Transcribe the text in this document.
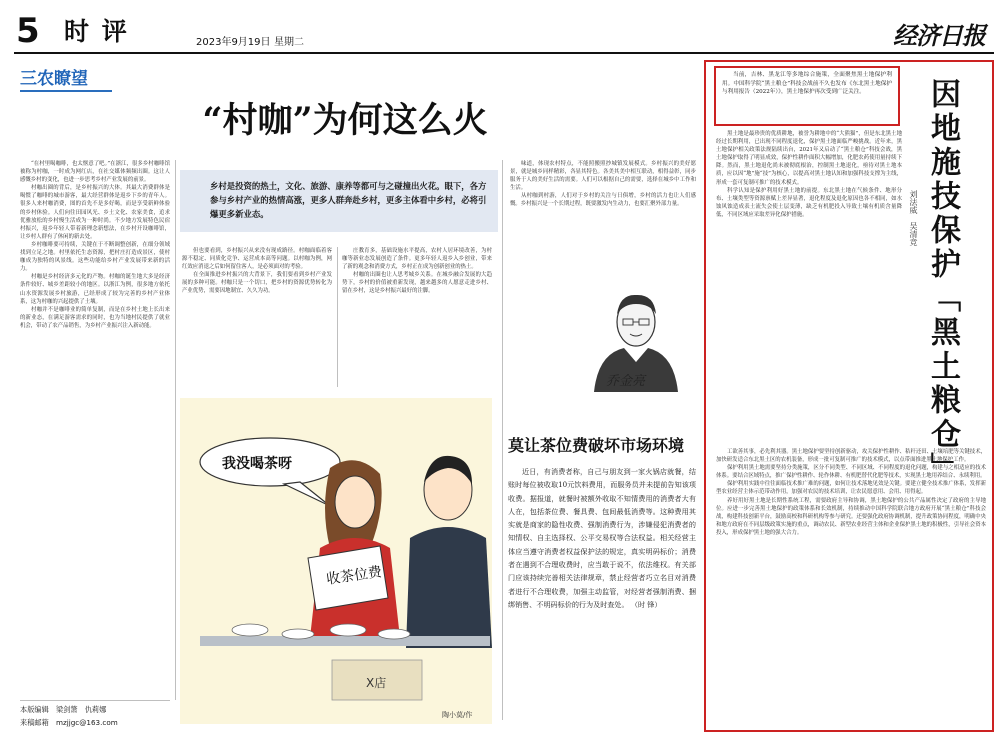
5 时 评	2023年9月19日 星期二	经济日报
三农瞭望
“村咖”为何这么火

“在村里喝咖啡，也太惬意了吧。”在浙江，很多乡村咖啡馆被称为村咖，一时成为网红店，在社交媒体频频出圈。这让人感慨乡村的变化，也进一步思考乡村产业发展的前景。

村咖出圈的背后，是乡村振兴的大体。其最大消费群体是喝惯了咖啡的城市游客，最大经营群体是返乡下乡的青年人。很多人来村咖消费，图的首先不是多好喝，而是享受新鲜体验的乡村休验。人们向往田园风光、乡土文化、农家美食，追求优雅放松的乡村慢生活成为一种时尚。不少地方发展特色民宿村振兴，返乡年轻人带着新理念新想法，在乡村开设咖啡馆，让乡村人群有了休闲的新去处。

乡村咖啡要可持续，关键在于不断调整创新，在细分领域找到立足之地。村里依托生态资源，把村庄打造成景区，使村咖成为独特的风景线。这些功能给乡村产业发展带来新的活力。

村咖是乡村经济多元化的产物。村咖的诞生地大多是经济条件较好、城乡差距较小的地区。以浙江为例，很多地方依托山水资源发展乡村旅游，已经形成了较为完善的乡村产业体系，这为村咖的兴起提供了土壤。

村咖并不是咖啡业的简单复制，而是在乡村土地上长出来的新业态，在满足游客需求的同时，也为当地村民提供了就业机会，带动了农产品销售，为乡村产业振兴注入新动能。

本版编辑　梁剑箫　仇莉娜
来稿邮箱　mzjjgc@163.com
乡村是投资的热土，文化、旅游、康养等都可与之碰撞出火花。眼下，各方参与乡村产业的热情高涨，更多人群奔赴乡村，更多主体看中乡村，必将引爆更多新业态。

但也要看到，乡村振兴从来没有现成路径。村咖面临着客源不稳定、同质化竞争、运营成本高等问题。以村咖为例，网红效应消退之后如何留住客人，是必须面对的考验。

在全面推进乡村振兴的大背景下，我们要看到乡村产业发展的多种可能。村咖只是一个切口，把乡村的资源优势转化为产业优势，需要因地制宜、久久为功。

庄教育多，基础设施水平提高，农村人居环境改善，为村咖等新业态发展创造了条件。更多年轻人返乡入乡创业，带来了新的观念和消费方式，乡村正在成为创新创业的热土。

村咖的出圈也让人思考城乡关系。在城乡融合发展的大趋势下，乡村的价值被重新发现，越来越多的人愿意走进乡村、留在乡村，这是乡村振兴最好的注脚。

味道，体现农村特点，不能照搬照抄城镇发展模式。乡村振兴的美好愿景，就是城乡同样精彩，各显其特色。各美其美中相互联动，相得益彰，同步服务于人的美好生活的需要。人们可以根据自己的需要，选择在城乡中工作和生活。

从村咖到村游，人们对于乡村的关注与日俱增，乡村的活力也让人们感慨。乡村振兴是一个长期过程，既要激发内生动力，也要汇聚外部力量。

乔金亮
我没喝茶呀
收茶位费
X店
陶小莫/作
莫让茶位费破坏市场环境
近日，有消费者称，自己与朋友到一家火锅店就餐，结账时每位被收取10元饮料费用，而服务员并未提前告知该项收费。据报道，就餐时被额外收取不知情费用的消费者大有人在，包括茶位费、餐具费、包间最低消费等。这种费用其实就是商家的隐性收费、强制消费行为，涉嫌侵犯消费者的知情权、自主选择权、公平交易权等合法权益。相关经营主体应当遵守消费者权益保护法的规定，真实明码标价；消费者在遇到不合理收费时，应当敢于说不，依法维权。有关部门应该持续完善相关法律规章，禁止经营者巧立名目对消费者进行不合理收费，加强主动监管，对经营者强制消费、捆绑销售、不明码标价的行为及时查处。 （时 锋）
当前，吉林、黑龙江等多地综合施策，全面聚焦黑土地保护利用。中国科学院“黑土粮仓”科技会战前不久也发布《东北黑土地保护与利用报告（2022年）》，黑土地保护再次受到广泛关注。	因地施技保护「黑土粮仓」
刘法威　吴清竞

黑土地是最珍贵的优质耕地，被誉为耕地中的“大熊猫”，但是东北黑土地经过长期利用，已出现不同程度退化，保护黑土地面临严峻挑战。近年来，黑土地保护相关政策法规陆续出台，2021年又启动了“黑土粮仓”科技会战，黑土地保护取得了明显成效，保护性耕作面积大幅增加，化肥农药使用量持续下降。然而，黑土地退化尚未被彻底根治，控制黑土地退化，亟待对黑土地本质，应以因“地”施“技”为核心，以提高对黑土地认知和加强科技支撑为主线，形成一套可复制可推广的技术模式。

科学认知是保护利用好黑土地的前提。东北黑土地在气候条件、地形分布、土壤类型等资源禀赋上差异显著，退化程度及退化原因也各不相同，如水蚀风蚀造成表土流失会使土层变薄，缺乏有机肥投入导致土壤有机质含量降低，不同区域应采取差异化保护措施。

工欲善其事，必先利其器。黑土地保护要坚持创新驱动，攻关保护性耕作、秸秆还田、土壤培肥等关键技术，加快研发适合东北黑土区的农机装备，形成一批可复制可推广的技术模式，以点带面推进黑土地保护工作。

保护利用黑土地需要坚持分类施策，区分不同类型、不同区域、不同程度的退化问题，构建与之相适应的技术体系。要结合区域特点，推广保护性耕作、轮作休耕、有机肥替代化肥等技术，实现黑土地用养结合、永续利用。

保护利用实践中往往面临技术推广难的问题，如何让技术落地见效是关键。要建立健全技术推广体系，发挥新型农业经营主体示范带动作用，加强对农民的技术培训，让农民愿意用、会用、用得起。

养好用好黑土地是长期性系统工程，需要政府主导和协调，黑土地保护的公共产品属性决定了政府的主导地位。应进一步完善黑土地保护的政策体系和长效机制，持续推动中国科学院联合地方政府开展“黑土粮仓”科技会战，构建科技创新平台，鼓励高校和科研机构等参与研究。还要强化政府协调机制，提升政策协同程度，明确中央和地方政府在不同层级政策实施的重点，调动农民、新型农业经营主体和企业保护黑土地的积极性，引导社会资本投入，形成保护黑土地的强大合力。
